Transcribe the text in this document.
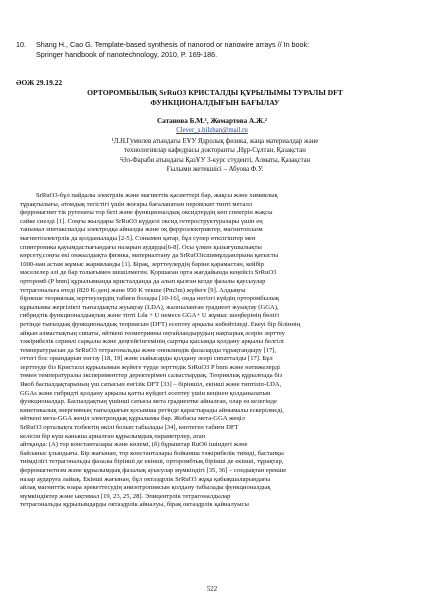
10. Shang H., Cao G. Template-based synthesis of nanorod or nanowire arrays // In book:
Springer handbook of nanotechnology, 2010, P. 169-186.
ӘОЖ 29.19.22
ОРТОРОМБЫЛЫҚ SrRuO3 КРИСТАЛДЫ ҚҰРЫЛЫМЫ ТУРАЛЫ DFT
ФУНКЦИОНАЛДЫҒЫН БАҒЫЛАУ
Сатанова Б.М.¹, Жомартова А.Ж.²
Clever_s.bilzhan@mail.ru
¹Л.Н.Гумилев атындағы ЕҰУ Ядролық физика, жаңа материалдар және
технологиялар кафедрасы докторанты ,Нұр-Сұлтан, Қазақстан
²Әл-Фараби атындағы ҚазҰУ 3-курс студенті, Алматы, Қазақстан
Ғылыми жетекшісі – Абуова Ф.У.
SrRuO3-бұл пайдалы электрлік және магниттік қасиеттері бар, жақсы және химиялық
тұрақтылығы, атомдық тегістігі үшін жоғары бағаланатын перовскит типті металл
ферромагнит тік рутенаты тор беті және функционалдық оксидтердің көп спектрін жақсы
сәйке сиелді [1]. Соңғы жылдары SrRuO3 күрделі оксид гетероструктуралары үшін ең
танымал эпитаксиалды электродқа айналды және оқ ферроэлектриктер, магнитоплазм
магнитоэлектрлік да қолданылады [2-5]. Сонымен қатар, бұл супер өткізгіштер мен
спинтроника қауымдастығындағы назарын аударды[6-8]. Осы үлкен қызығушылықты
көрсету,соңғы екі онжылдықта физика, материалтану да SrRuO3ісшимұлданлрына қатысты
1000-нан астам жұмыс жарияланды [1]. Бірақ, зерттеулердің бәріне қарамастан, кейбір
мәселелер әлі де бар толығымен шешілмеген. Қоршаған орта жағдайында кеңейсіз SrRuO3
орторомб (P bnm) құрылымында кристалданда да алып қызған кезде фазалы қаусыулар
тетрагональға өтеді (820 K-ден) және 950 K текше (Pm3m) жүйеге [9]. Алдыңғы
бірнеше теориялық зерттеулердің табиғи болады [10-16], онда негізгі күйдің орторомбылық
құрылымы жергілікті тығыздықты жуықтау (LDA), жалпыланған градиент жуықтау (GGA),
гибридтік функционалдықтың және тіпті Lda + U немесе GGA+ U жұмыс шеңберінің бөлігі
ретінде тығыздық функционалдық теориясын (DFT) есептеу арқылы көбейтіледі. Екеуі бір біліннің
айқын алмастықтың сипаты, өйткені геометрияны оңтайландырудың нақтырық әсерін зерттеу
тәжірибелік сериялі сарқалы және деңгейгінгемінің сыртқы қысымда қолдану арқылы белгілі
температурасын да SrRuO3 тетрагональды және оноклиндік фазаларды тұрақтандыру [17],
оттегі бос орындарын енгізу [18, 19] және сыйысарды қолдану әсері сипатталды [17]. Бұл
зерттеуде біз Кристалл құрылымын жүйеге түрде зерттедік SrRuO3 P bnm және нәтижелерді
төмен температуралы эксперименттер деректерімен салыстырдық. Теориялық құрылғыда біз
Якоб баспалдақтарының үш сатысын енгізік DFT [33] – біріншіл, екінші және типтізіп-LDA,
GGAs және гибридті қолдану арқылы қатты күйдегі есептеу үшін кеңінен қолданылатын
функционалдар. Баспалдақтың үшінші сатысы мета градиентке айналған, олар өз кезегінде
кинетикалық энергияның тығыздығын қосымша ретінде қарастырады айнымалы ескерілмеді,
өйткені мета-GGA жеңіл электрондық құрылымы бар. Жобасы мета-GGA жеңіл
SrRuO3 орталықта тізбектің өкілі болып табылады [34], көптеген табиғи DFT
келісім бір күш каныша арналған құрылымдық параметрлер, атап
айтқанда: (A) тор константалары және көлемі, (б) бұрыштар RuO6 ішіндегі және
байланыс ұзындығы. Бір жағынан, тор константалары бойынша тәжірибелік тиімді, бастапқы
тиімділігі тетрагональды фазалы бірінші де екінші, орторомбтық бірінші де екінші, тұрақтар,
ферромагнетизм және құрылымдық фазалық ауысулар мүмкіндігі [35, 36] – сондықтан ерекше
назар аударуға лайық. Екінші жағынан, бұл октаэдрлік SrRuO3 жұқа қабықшаларындағы
айлақ магниттік өзара әрекеттесудің анизотропиясын қолдану табылады функционалдық
мүмкіндіктер және ықтимал [19, 23, 25, 28]. Эпицентрлік тетрагоналдылар
тетрагональды құрылымдарды октаэдрлік айналуы, бірақ октаэдрлік қайналуысы
522
